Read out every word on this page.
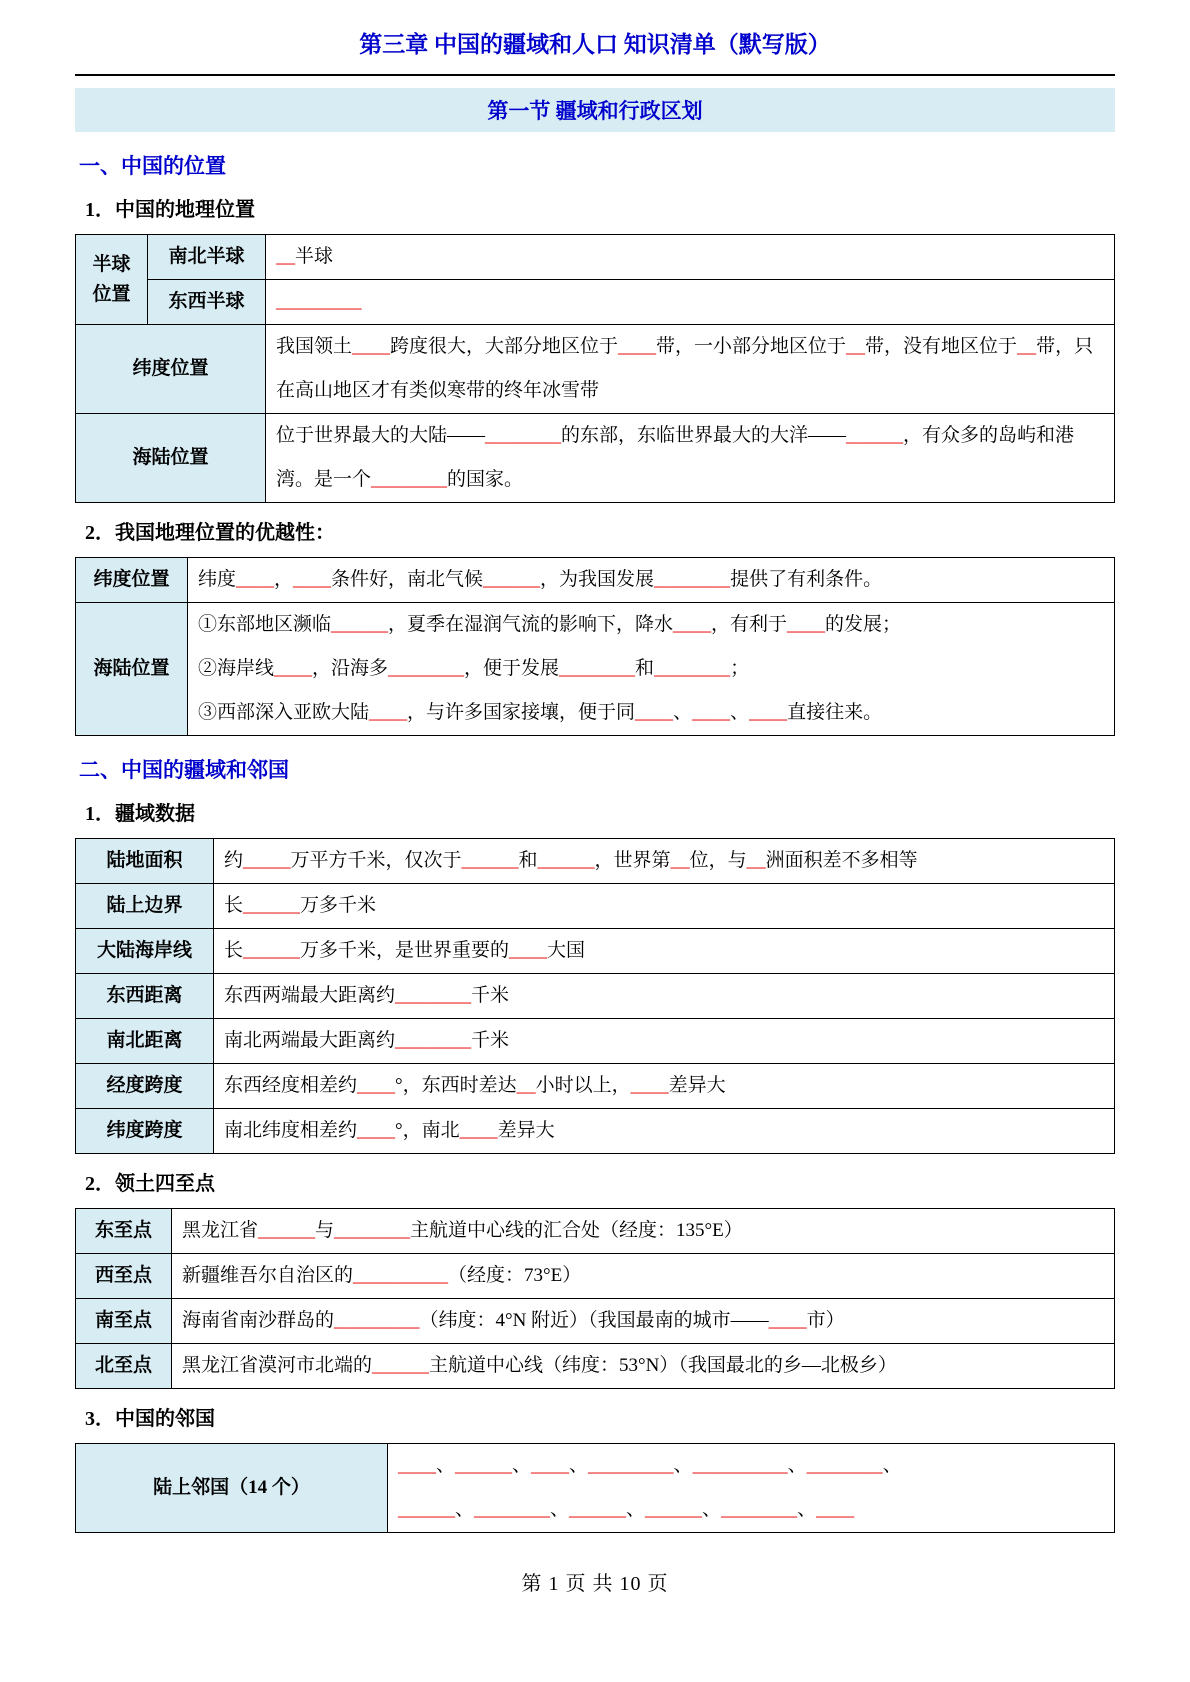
第三章 中国的疆域和人口 知识清单（默写版）
第一节 疆域和行政区划
一、中国的位置
1．中国的地理位置
半球位置	南北半球	__半球

	东西半球	_________

纬度位置		我国领土____跨度很大，大部分地区位于____带，一小部分地区位于__带，没有地区位于__带，只在高山地区才有类似寒带的终年冰雪带

海陆位置		位于世界最大的大陆——________的东部，东临世界最大的大洋——______，有众多的岛屿和港湾。是一个________的国家。
2．我国地理位置的优越性：
纬度位置	纬度____，____条件好，南北气候______，为我国发展________提供了有利条件。

海陆位置	①东部地区濒临______，夏季在湿润气流的影响下，降水____，有利于____的发展；
②海岸线____，沿海多________，便于发展________和________；
③西部深入亚欧大陆____，与许多国家接壤，便于同____、____、____直接往来。
二、中国的疆域和邻国
1．疆域数据
陆地面积	约_____万平方千米，仅次于______和______，世界第__位，与__洲面积差不多相等

陆上边界	长______万多千米

大陆海岸线	长______万多千米，是世界重要的____大国

东西距离	东西两端最大距离约________千米

南北距离	南北两端最大距离约________千米

经度跨度	东西经度相差约____°，东西时差达__小时以上，____差异大

纬度跨度	南北纬度相差约____°，南北____差异大
2．领土四至点
东至点	黑龙江省______与________主航道中心线的汇合处（经度：135°E）

西至点	新疆维吾尔自治区的__________（经度：73°E）

南至点	海南省南沙群岛的_________（纬度：4°N 附近）（我国最南的城市——____市）

北至点	黑龙江省漠河市北端的______主航道中心线（纬度：53°N）（我国最北的乡—北极乡）
3．中国的邻国
陆上邻国（14 个）	
____、______、____、_________、__________、________、
______、________、______、______、________、____
第 1 页 共 10 页
